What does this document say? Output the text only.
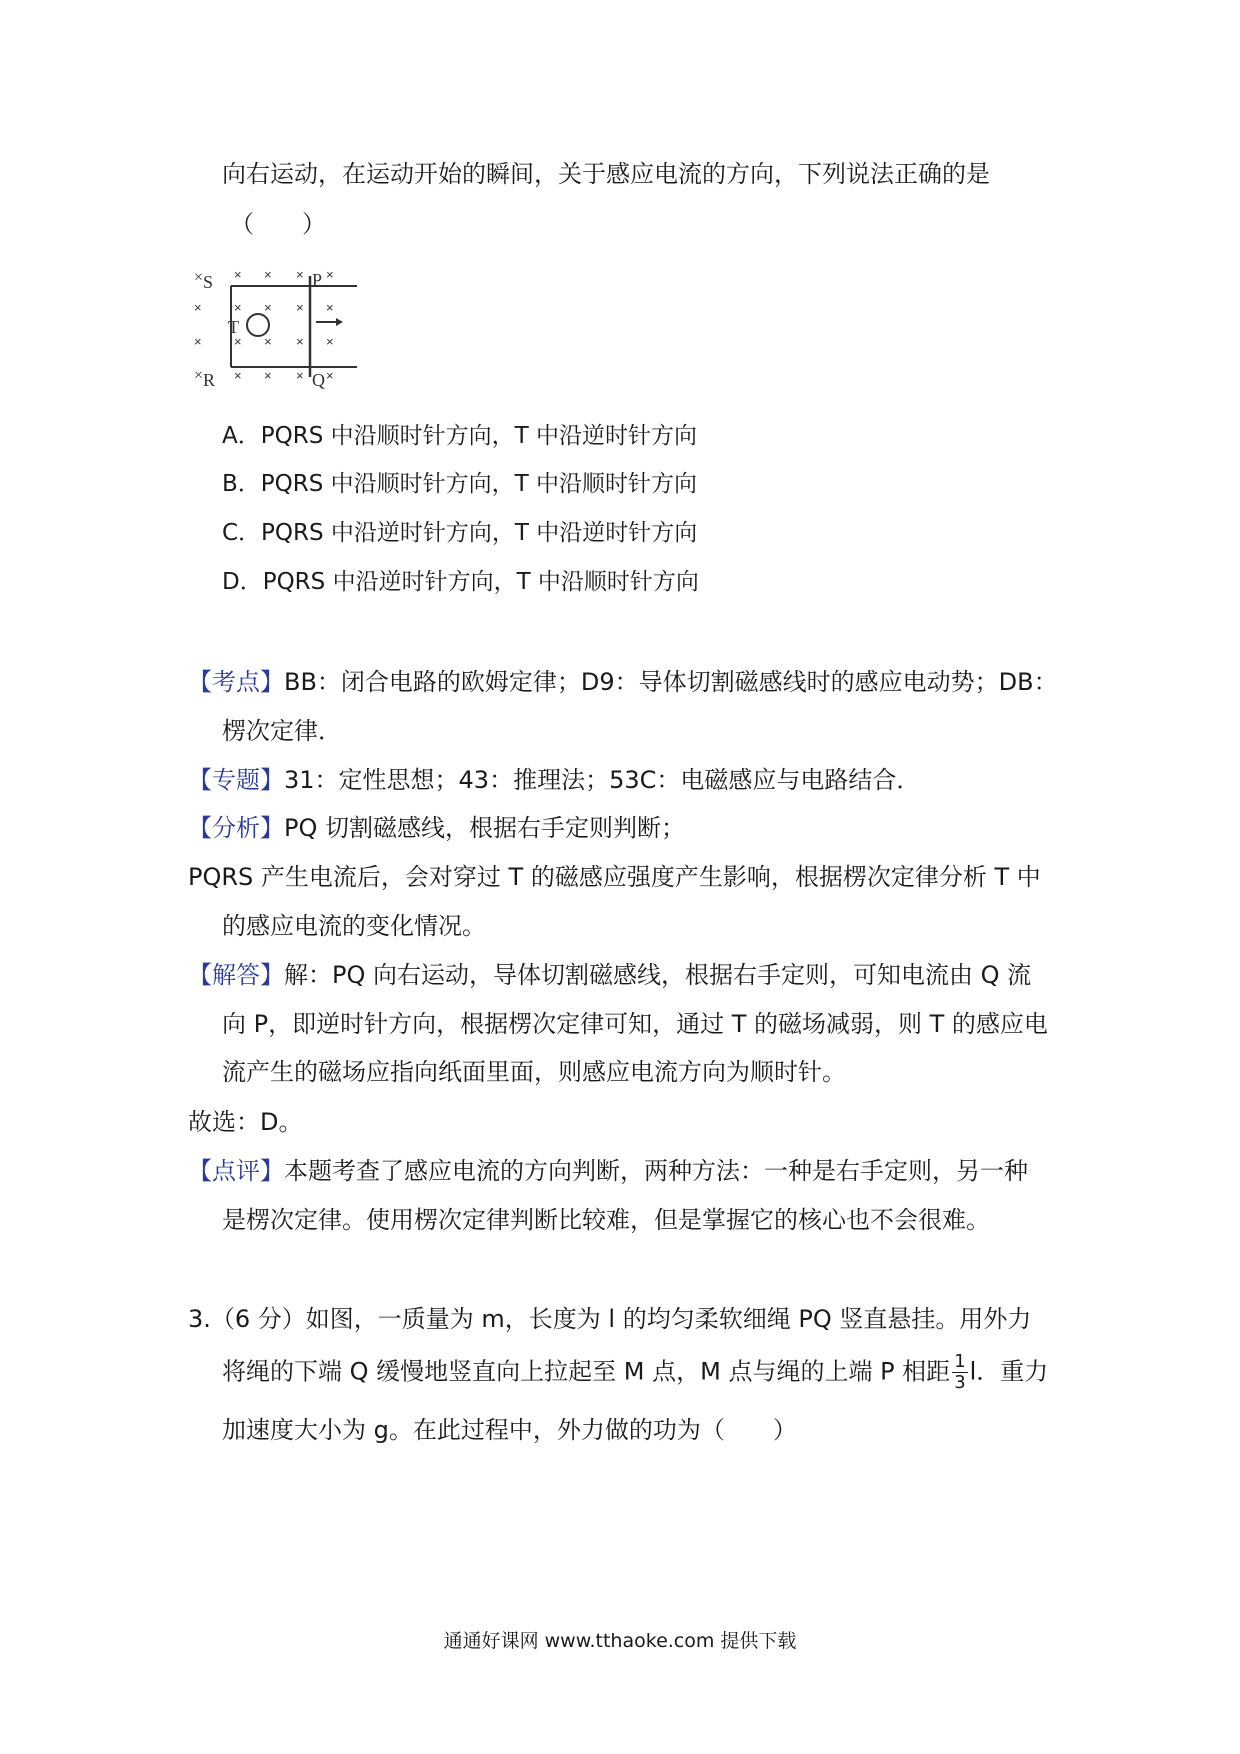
向右运动，在运动开始的瞬间，关于感应电流的方向，下列说法正确的是
（　　）
× S	P
× R	Q
T
× × × ×
× × × × ×
× × × × ×
× × × ×
A．PQRS 中沿顺时针方向，T 中沿逆时针方向
B．PQRS 中沿顺时针方向，T 中沿顺时针方向
C．PQRS 中沿逆时针方向，T 中沿逆时针方向
D．PQRS 中沿逆时针方向，T 中沿顺时针方向
【考点】BB：闭合电路的欧姆定律；D9：导体切割磁感线时的感应电动势；DB：
楞次定律．
【专题】31：定性思想；43：推理法；53C：电磁感应与电路结合．
【分析】PQ 切割磁感线，根据右手定则判断；
PQRS 产生电流后，会对穿过 T 的磁感应强度产生影响，根据楞次定律分析 T 中
的感应电流的变化情况。
【解答】解：PQ 向右运动，导体切割磁感线，根据右手定则，可知电流由 Q 流
向 P，即逆时针方向，根据楞次定律可知，通过 T 的磁场减弱，则 T 的感应电
流产生的磁场应指向纸面里面，则感应电流方向为顺时针。
故选：D。
【点评】本题考查了感应电流的方向判断，两种方法：一种是右手定则，另一种
是楞次定律。使用楞次定律判断比较难，但是掌握它的核心也不会很难。
3.（6 分）如图，一质量为 m，长度为 l 的均匀柔软细绳 PQ 竖直悬挂。用外力
将绳的下端 Q 缓慢地竖直向上拉起至 M 点，M 点与绳的上端 P 相距 $\frac{1}{3}$ l．重力
加速度大小为 g。在此过程中，外力做的功为（　　）
通通好课网 www.tthaoke.com 提供下载
